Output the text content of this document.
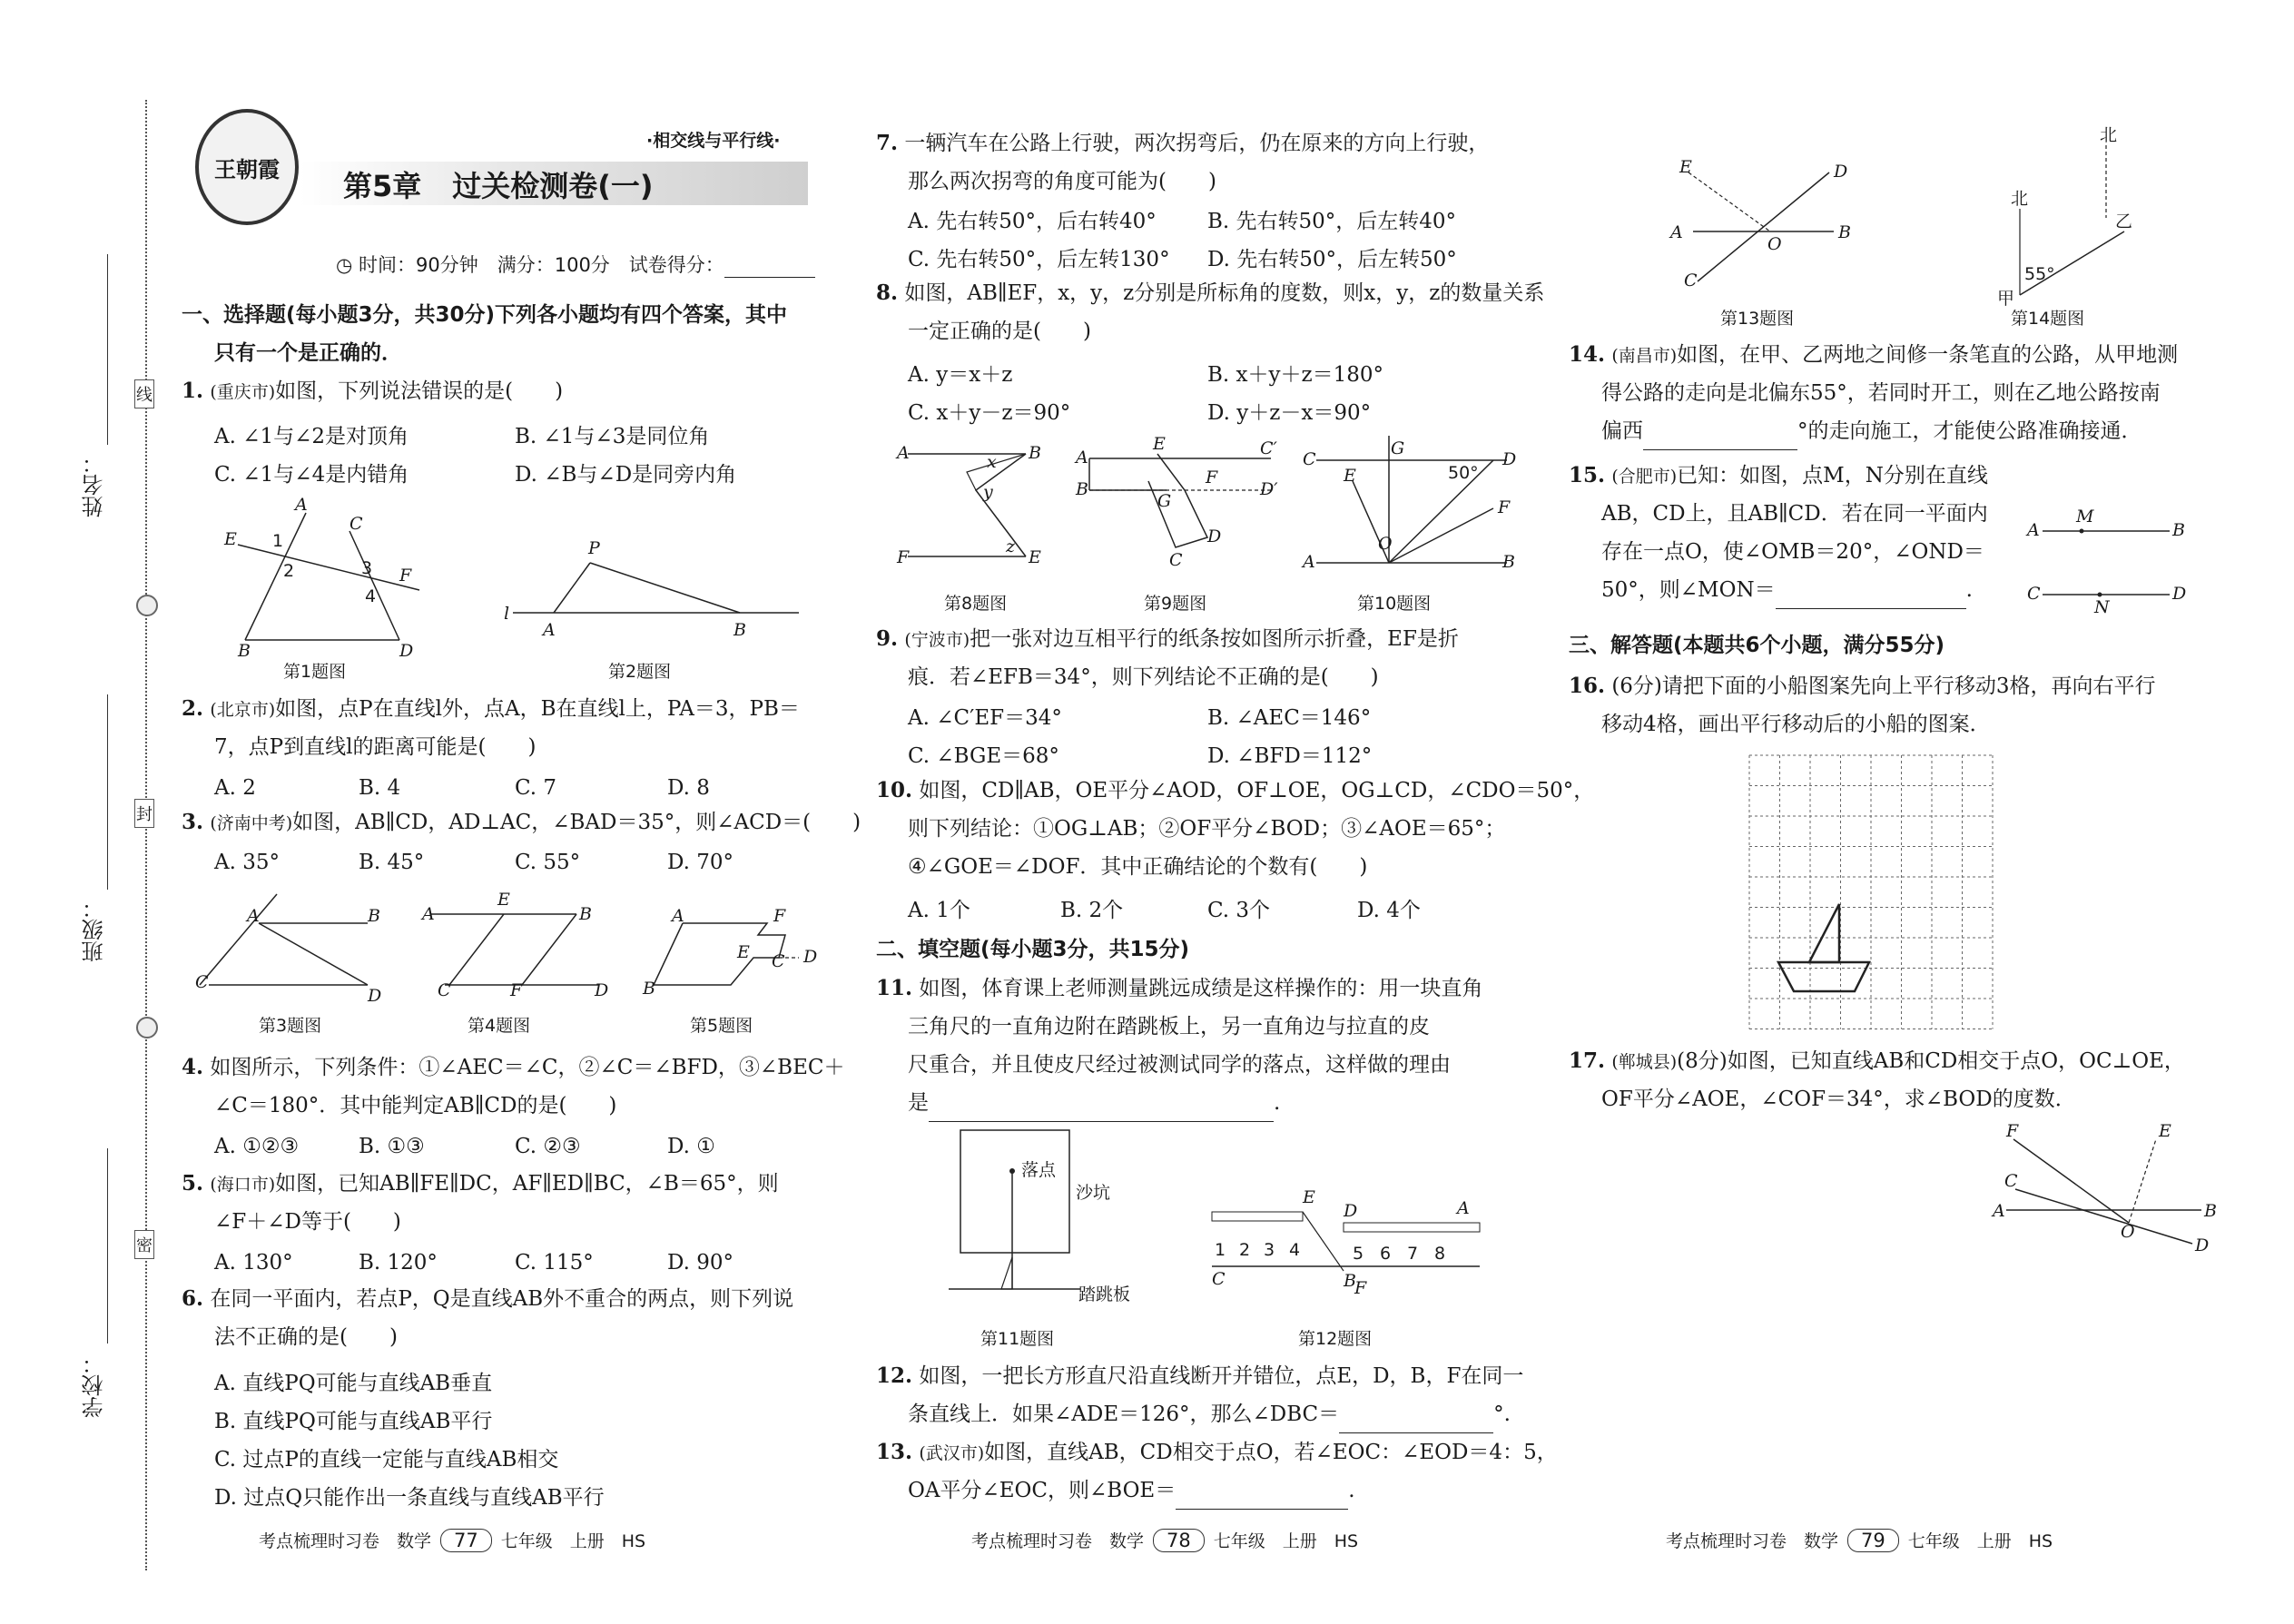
姓名：
班级：
学校：
线
封
密
王朝霞
·相交线与平行线·
第5章 过关检测卷(一)
◷ 时间：90分钟　满分：100分　试卷得分：
一、选择题(每小题3分，共30分)下列各小题均有四个答案，其中
只有一个是正确的．
1. (重庆市)如图，下列说法错误的是(　　)
A. ∠1与∠2是对顶角	B. ∠1与∠3是同位角
C. ∠1与∠4是内错角	D. ∠B与∠D是同旁内角
A
C
E
F
B	D
1
2	3
4
第1题图
l
P
A	B
第2题图
2. (北京市)如图，点P在直线l外，点A，B在直线l上，PA＝3，PB＝
7，点P到直线l的距离可能是(　　)
A. 2	B. 4	C. 7	D. 8
3. (济南中考)如图，AB∥CD，AD⊥AC，∠BAD＝35°，则∠ACD＝(　　)
A. 35°	B. 45°	C. 55°	D. 70°
A	B
C
D
第3题图
A
E
B
C	F	D
第4题图
A	F
E C D
B
第5题图
4. 如图所示，下列条件：①∠AEC＝∠C，②∠C＝∠BFD，③∠BEC＋
∠C＝180°．其中能判定AB∥CD的是(　　)
A. ①②③	B. ①③	C. ②③	D. ①
5. (海口市)如图，已知AB∥FE∥DC，AF∥ED∥BC，∠B＝65°，则
∠F＋∠D等于(　　)
A. 130°	B. 120°	C. 115°	D. 90°
6. 在同一平面内，若点P，Q是直线AB外不重合的两点，则下列说
法不正确的是(　　)
A. 直线PQ可能与直线AB垂直
B. 直线PQ可能与直线AB平行
C. 过点P的直线一定能与直线AB相交
D. 过点Q只能作出一条直线与直线AB平行
考点梳理时习卷　数学 77 七年级　上册　HS
7. 一辆汽车在公路上行驶，两次拐弯后，仍在原来的方向上行驶，
那么两次拐弯的角度可能为(　　)
A. 先右转50°，后右转40° B. 先右转50°，后左转40°
C. 先右转50°，后左转130° D. 先右转50°，后左转50°
8. 如图，AB∥EF，x，y，z分别是所标角的度数，则x，y，z的数量关系
一定正确的是(　　)
A. y＝x＋z	B. x＋y＋z＝180°
C. x＋y－z＝90°	D. y＋z－x＝90°
A	B
F	E
x
y
z
第8题图
A
E	C′
B
G
F
D′
C
D
第9题图
C
G
D
E
F
O
A	B
50°
第10题图
9. (宁波市)把一张对边互相平行的纸条按如图所示折叠，EF是折
痕．若∠EFB＝34°，则下列结论不正确的是(　　)
A. ∠C′EF＝34°	B. ∠AEC＝146°
C. ∠BGE＝68°	D. ∠BFD＝112°
10. 如图，CD∥AB，OE平分∠AOD，OF⊥OE，OG⊥CD，∠CDO＝50°，
则下列结论：①OG⊥AB；②OF平分∠BOD；③∠AOE＝65°；
④∠GOE＝∠DOF．其中正确结论的个数有(　　)
A. 1个	B. 2个	C. 3个	D. 4个
二、填空题(每小题3分，共15分)
11. 如图，体育课上老师测量跳远成绩是这样操作的：用一块直角
三角尺的一直角边附在踏跳板上，另一直角边与拉直的皮
尺重合，并且使皮尺经过被测试同学的落点，这样做的理由
是	.
落点
沙坑
踏跳板
第11题图
E
D	A
C	B
F
1 2 3 4	5 6 7 8
第12题图
12. 如图，一把长方形直尺沿直线断开并错位，点E，D，B，F在同一
条直线上．如果∠ADE＝126°，那么∠DBC＝	°.
13. (武汉市)如图，直线AB，CD相交于点O，若∠EOC：∠EOD＝4：5，
OA平分∠EOC，则∠BOE＝	.
考点梳理时习卷　数学 78 七年级　上册　HS
E	D
A	B
O
C
第13题图
北
北
乙
甲
55°
第14题图
14. (南昌市)如图，在甲、乙两地之间修一条笔直的公路，从甲地测
得公路的走向是北偏东55°，若同时开工，则在乙地公路按南
偏西	°的走向施工，才能使公路准确接通．
15. (合肥市)已知：如图，点M，N分别在直线
AB，CD上，且AB∥CD．若在同一平面内
存在一点O，使∠OMB＝20°，∠OND＝
50°，则∠MON＝	.
A
M
B
C
N
D
三、解答题(本题共6个小题，满分55分)
16. (6分)请把下面的小船图案先向上平行移动3格，再向右平行
移动4格，画出平行移动后的小船的图案．
17. (郸城县)(8分)如图，已知直线AB和CD相交于点O，OC⊥OE，
OF平分∠AOE，∠COF＝34°，求∠BOD的度数．
A
C
F	E
B
D
O
考点梳理时习卷　数学 79 七年级　上册　HS
